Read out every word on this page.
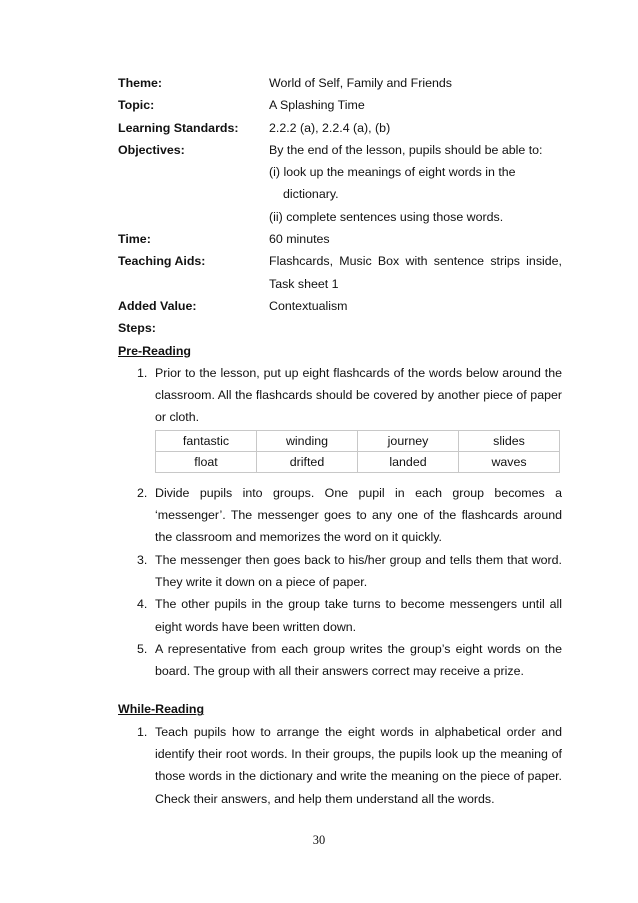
Theme:	World of Self, Family and Friends
Topic:	A Splashing Time
Learning Standards:	2.2.2 (a), 2.2.4 (a), (b)
Objectives:	By the end of the lesson, pupils should be able to:
(i) look up the meanings of eight words in the
dictionary.
(ii) complete sentences using those words.
Time:	60 minutes
Teaching Aids:	Flashcards, Music Box with sentence strips inside,
Task sheet 1
Added Value:	Contextualism
Steps:
Pre-Reading
1. Prior to the lesson, put up eight flashcards of the words below around the classroom. All the flashcards should be covered by another piece of paper or cloth.
fantastic	winding	journey	slides
float	drifted	landed	waves
2. Divide pupils into groups. One pupil in each group becomes a ‘messenger’. The messenger goes to any one of the flashcards around the classroom and memorizes the word on it quickly.
3. The messenger then goes back to his/her group and tells them that word. They write it down on a piece of paper.
4. The other pupils in the group take turns to become messengers until all eight words have been written down.
5. A representative from each group writes the group’s eight words on the board. The group with all their answers correct may receive a prize.
While-Reading
1. Teach pupils how to arrange the eight words in alphabetical order and identify their root words. In their groups, the pupils look up the meaning of those words in the dictionary and write the meaning on the piece of paper. Check their answers, and help them understand all the words.
30
